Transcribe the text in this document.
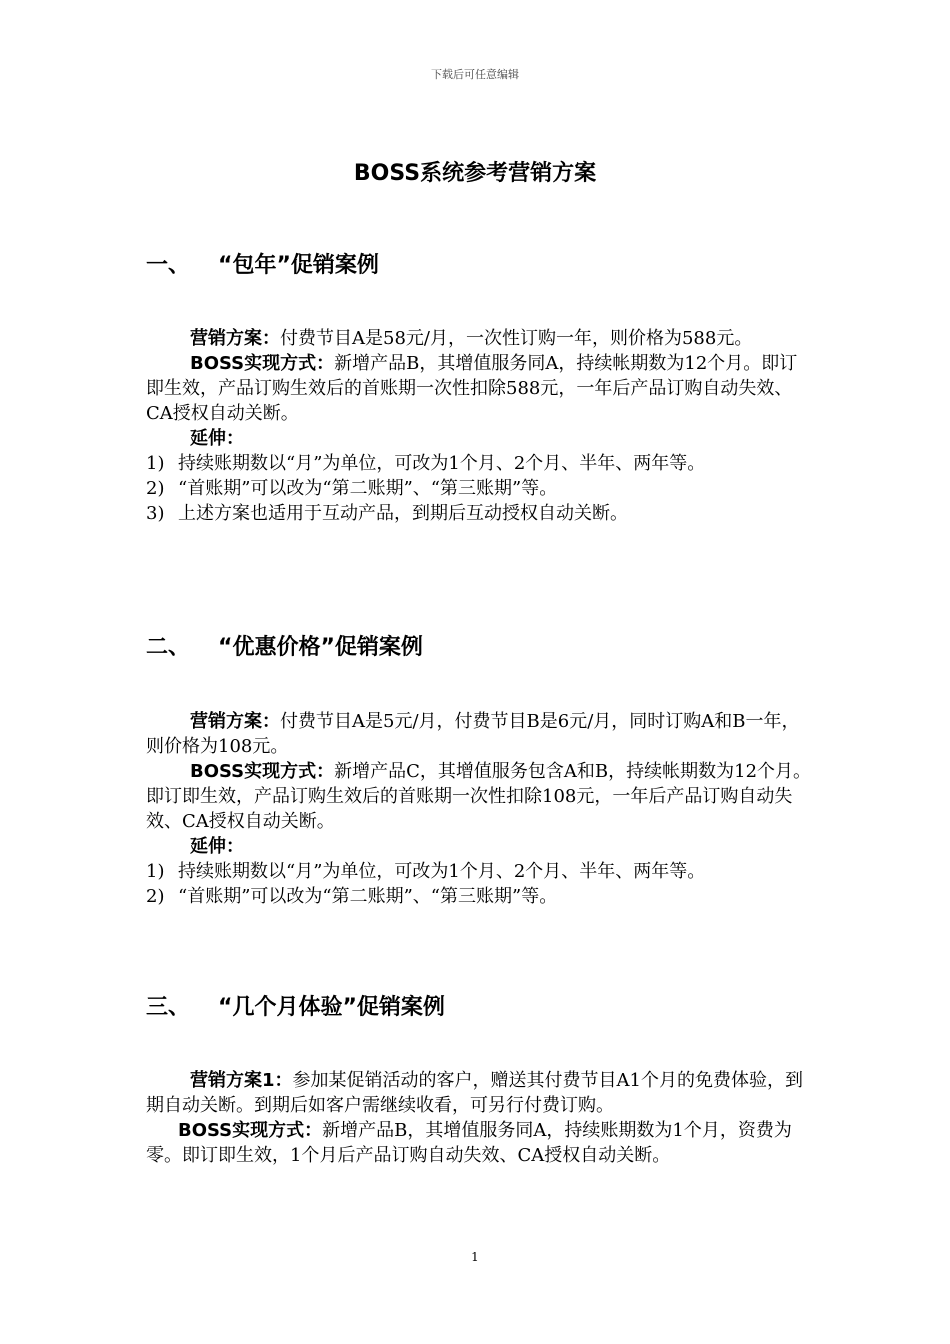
下载后可任意编辑
BOSS系统参考营销方案
一、 “包年”促销案例

营销方案：付费节目A是58元/月，一次性订购一年，则价格为588元。

BOSS实现方式：新增产品B，其增值服务同A，持续帐期数为12个月。即订即生效，产品订购生效后的首账期一次性扣除588元，一年后产品订购自动失效、CA授权自动关断。

延伸：

1) 持续账期数以“月”为单位，可改为1个月、2个月、半年、两年等。
2) “首账期”可以改为“第二账期”、“第三账期”等。
3) 上述方案也适用于互动产品，到期后互动授权自动关断。
二、 “优惠价格”促销案例

营销方案：付费节目A是5元/月，付费节目B是6元/月，同时订购A和B一年，则价格为108元。

BOSS实现方式：新增产品C，其增值服务包含A和B，持续帐期数为12个月。即订即生效，产品订购生效后的首账期一次性扣除108元，一年后产品订购自动失效、CA授权自动关断。

延伸：

1) 持续账期数以“月”为单位，可改为1个月、2个月、半年、两年等。
2) “首账期”可以改为“第二账期”、“第三账期”等。
三、 “几个月体验”促销案例

营销方案1：参加某促销活动的客户，赠送其付费节目A1个月的免费体验，到期自动关断。到期后如客户需继续收看，可另行付费订购。

BOSS实现方式：新增产品B，其增值服务同A，持续账期数为1个月，资费为零。即订即生效，1个月后产品订购自动失效、CA授权自动关断。

1
